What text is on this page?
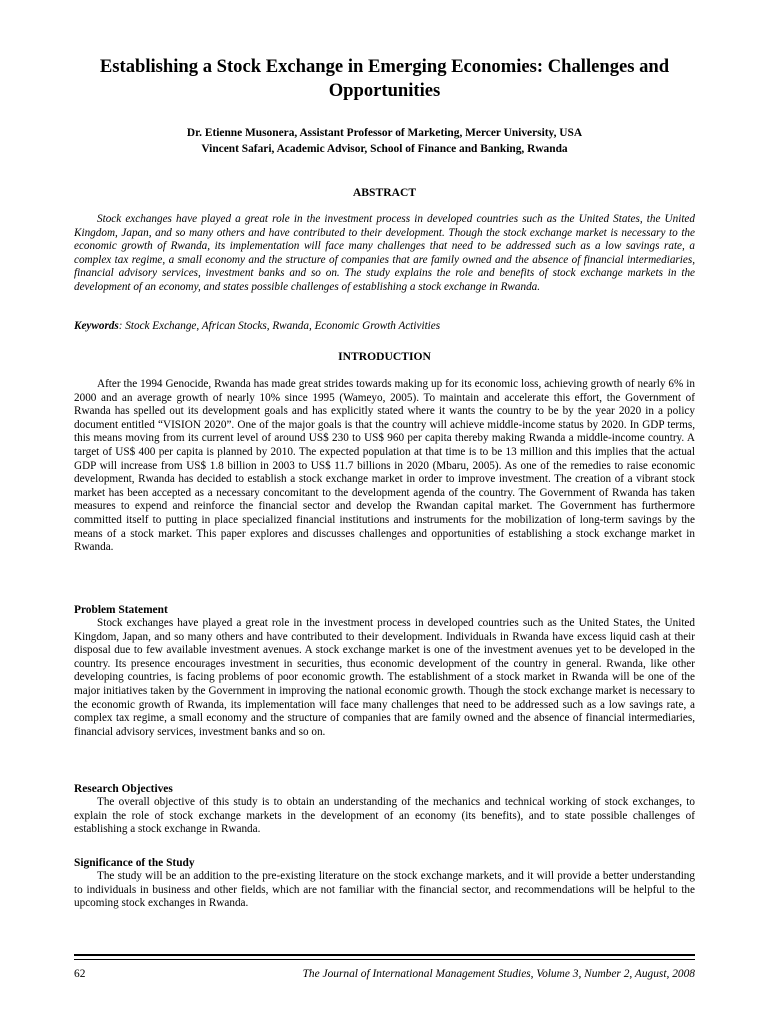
Establishing a Stock Exchange in Emerging Economies: Challenges and Opportunities
Dr. Etienne Musonera, Assistant Professor of Marketing, Mercer University, USA
Vincent Safari, Academic Advisor, School of Finance and Banking, Rwanda
ABSTRACT
Stock exchanges have played a great role in the investment process in developed countries such as the United States, the United Kingdom, Japan, and so many others and have contributed to their development. Though the stock exchange market is necessary to the economic growth of Rwanda, its implementation will face many challenges that need to be addressed such as a low savings rate, a complex tax regime, a small economy and the structure of companies that are family owned and the absence of financial intermediaries, financial advisory services, investment banks and so on. The study explains the role and benefits of stock exchange markets in the development of an economy, and states possible challenges of establishing a stock exchange in Rwanda.
Keywords: Stock Exchange, African Stocks, Rwanda, Economic Growth Activities
INTRODUCTION
After the 1994 Genocide, Rwanda has made great strides towards making up for its economic loss, achieving growth of nearly 6% in 2000 and an average growth of nearly 10% since 1995 (Wameyo, 2005). To maintain and accelerate this effort, the Government of Rwanda has spelled out its development goals and has explicitly stated where it wants the country to be by the year 2020 in a policy document entitled “VISION 2020”. One of the major goals is that the country will achieve middle-income status by 2020. In GDP terms, this means moving from its current level of around US$ 230 to US$ 960 per capita thereby making Rwanda a middle-income country. A target of US$ 400 per capita is planned by 2010. The expected population at that time is to be 13 million and this implies that the actual GDP will increase from US$ 1.8 billion in 2003 to US$ 11.7 billions in 2020 (Mbaru, 2005). As one of the remedies to raise economic development, Rwanda has decided to establish a stock exchange market in order to improve investment. The creation of a vibrant stock market has been accepted as a necessary concomitant to the development agenda of the country. The Government of Rwanda has taken measures to expend and reinforce the financial sector and develop the Rwandan capital market. The Government has furthermore committed itself to putting in place specialized financial institutions and instruments for the mobilization of long-term savings by the means of a stock market. This paper explores and discusses challenges and opportunities of establishing a stock exchange market in Rwanda.
Problem Statement
Stock exchanges have played a great role in the investment process in developed countries such as the United States, the United Kingdom, Japan, and so many others and have contributed to their development. Individuals in Rwanda have excess liquid cash at their disposal due to few available investment avenues. A stock exchange market is one of the investment avenues yet to be developed in the country. Its presence encourages investment in securities, thus economic development of the country in general. Rwanda, like other developing countries, is facing problems of poor economic growth. The establishment of a stock market in Rwanda will be one of the major initiatives taken by the Government in improving the national economic growth. Though the stock exchange market is necessary to the economic growth of Rwanda, its implementation will face many challenges that need to be addressed such as a low savings rate, a complex tax regime, a small economy and the structure of companies that are family owned and the absence of financial intermediaries, financial advisory services, investment banks and so on.
Research Objectives
The overall objective of this study is to obtain an understanding of the mechanics and technical working of stock exchanges, to explain the role of stock exchange markets in the development of an economy (its benefits), and to state possible challenges of establishing a stock exchange in Rwanda.
Significance of the Study
The study will be an addition to the pre-existing literature on the stock exchange markets, and it will provide a better understanding to individuals in business and other fields, which are not familiar with the financial sector, and recommendations will be helpful to the upcoming stock exchanges in Rwanda.
62	The Journal of International Management Studies, Volume 3, Number 2, August, 2008
